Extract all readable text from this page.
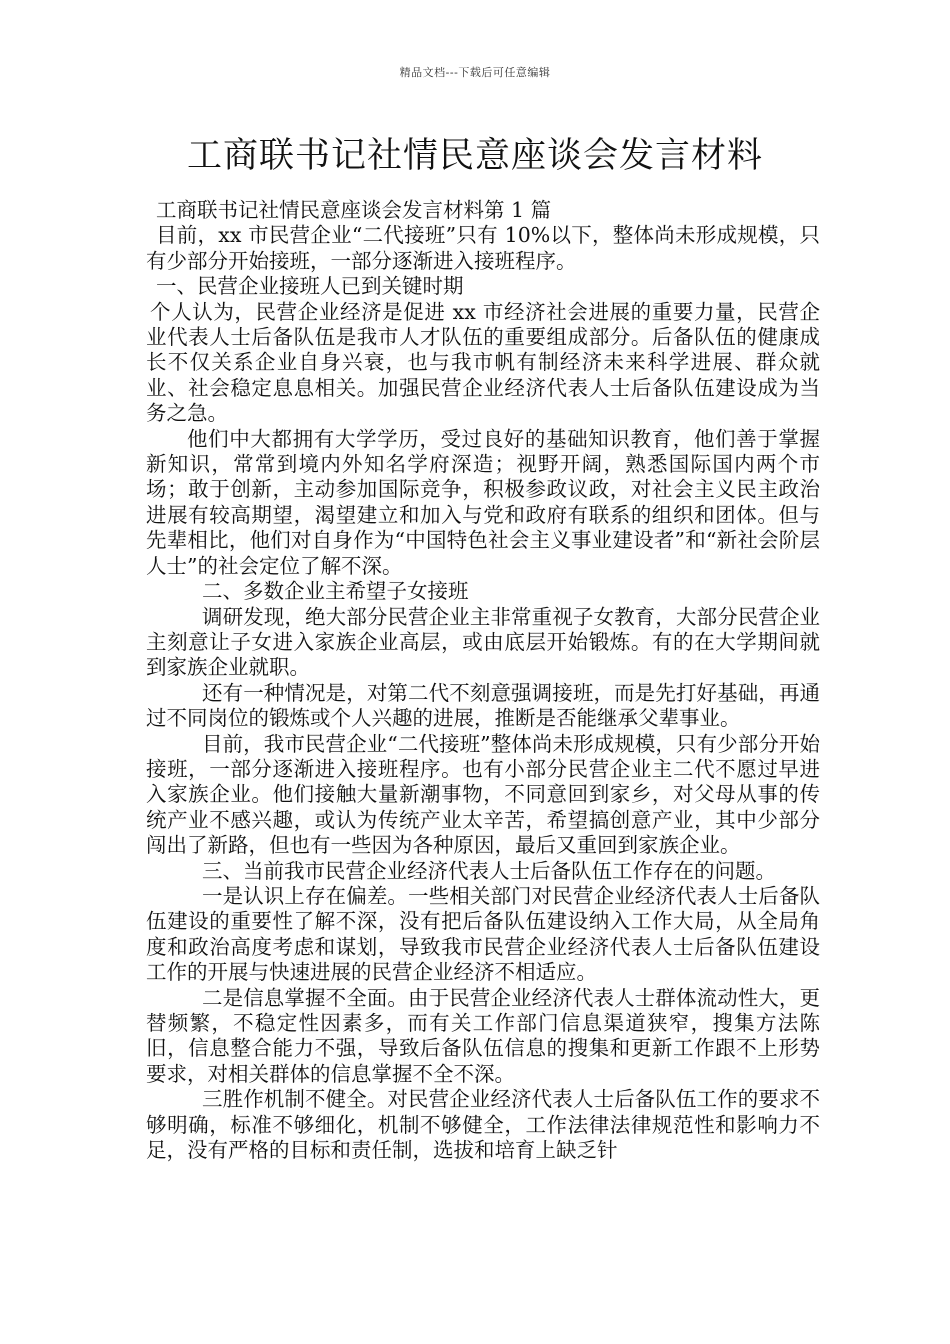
精品文档---下载后可任意编辑
工商联书记社情民意座谈会发言材料

工商联书记社情民意座谈会发言材料第 1 篇

目前，xx 市民营企业“二代接班”只有 10%以下，整体尚未形成规模，只有少部分开始接班，一部分逐渐进入接班程序。

一、民营企业接班人已到关键时期

个人认为，民营企业经济是促进 xx 市经济社会进展的重要力量，民营企业代表人士后备队伍是我市人才队伍的重要组成部分。后备队伍的健康成长不仅关系企业自身兴衰，也与我市帆有制经济未来科学进展、群众就业、社会稳定息息相关。加强民营企业经济代表人士后备队伍建设成为当务之急。

他们中大都拥有大学学历，受过良好的基础知识教育，他们善于掌握新知识，常常到境内外知名学府深造；视野开阔，熟悉国际国内两个市场；敢于创新，主动参加国际竞争，积极参政议政，对社会主义民主政治进展有较高期望，渴望建立和加入与党和政府有联系的组织和团体。但与先辈相比，他们对自身作为“中国特色社会主义事业建设者”和“新社会阶层人士”的社会定位了解不深。

二、多数企业主希望子女接班

调研发现，绝大部分民营企业主非常重视子女教育，大部分民营企业主刻意让子女进入家族企业高层，或由底层开始锻炼。有的在大学期间就到家族企业就职。

还有一种情况是，对第二代不刻意强调接班，而是先打好基础，再通过不同岗位的锻炼或个人兴趣的进展，推断是否能继承父辈事业。

目前，我市民营企业“二代接班”整体尚未形成规模，只有少部分开始接班，一部分逐渐进入接班程序。也有小部分民营企业主二代不愿过早进入家族企业。他们接触大量新潮事物，不同意回到家乡，对父母从事的传统产业不感兴趣，或认为传统产业太辛苦，希望搞创意产业，其中少部分闯出了新路，但也有一些因为各种原因，最后又重回到家族企业。

三、当前我市民营企业经济代表人士后备队伍工作存在的问题。

一是认识上存在偏差。一些相关部门对民营企业经济代表人士后备队伍建设的重要性了解不深，没有把后备队伍建设纳入工作大局，从全局角度和政治高度考虑和谋划，导致我市民营企业经济代表人士后备队伍建设工作的开展与快速进展的民营企业经济不相适应。

二是信息掌握不全面。由于民营企业经济代表人士群体流动性大，更替频繁，不稳定性因素多，而有关工作部门信息渠道狭窄，搜集方法陈旧，信息整合能力不强，导致后备队伍信息的搜集和更新工作跟不上形势要求，对相关群体的信息掌握不全不深。

三胜作机制不健全。对民营企业经济代表人士后备队伍工作的要求不够明确，标准不够细化，机制不够健全，工作法律法律规范性和影响力不足，没有严格的目标和责任制，选拔和培育上缺乏针
